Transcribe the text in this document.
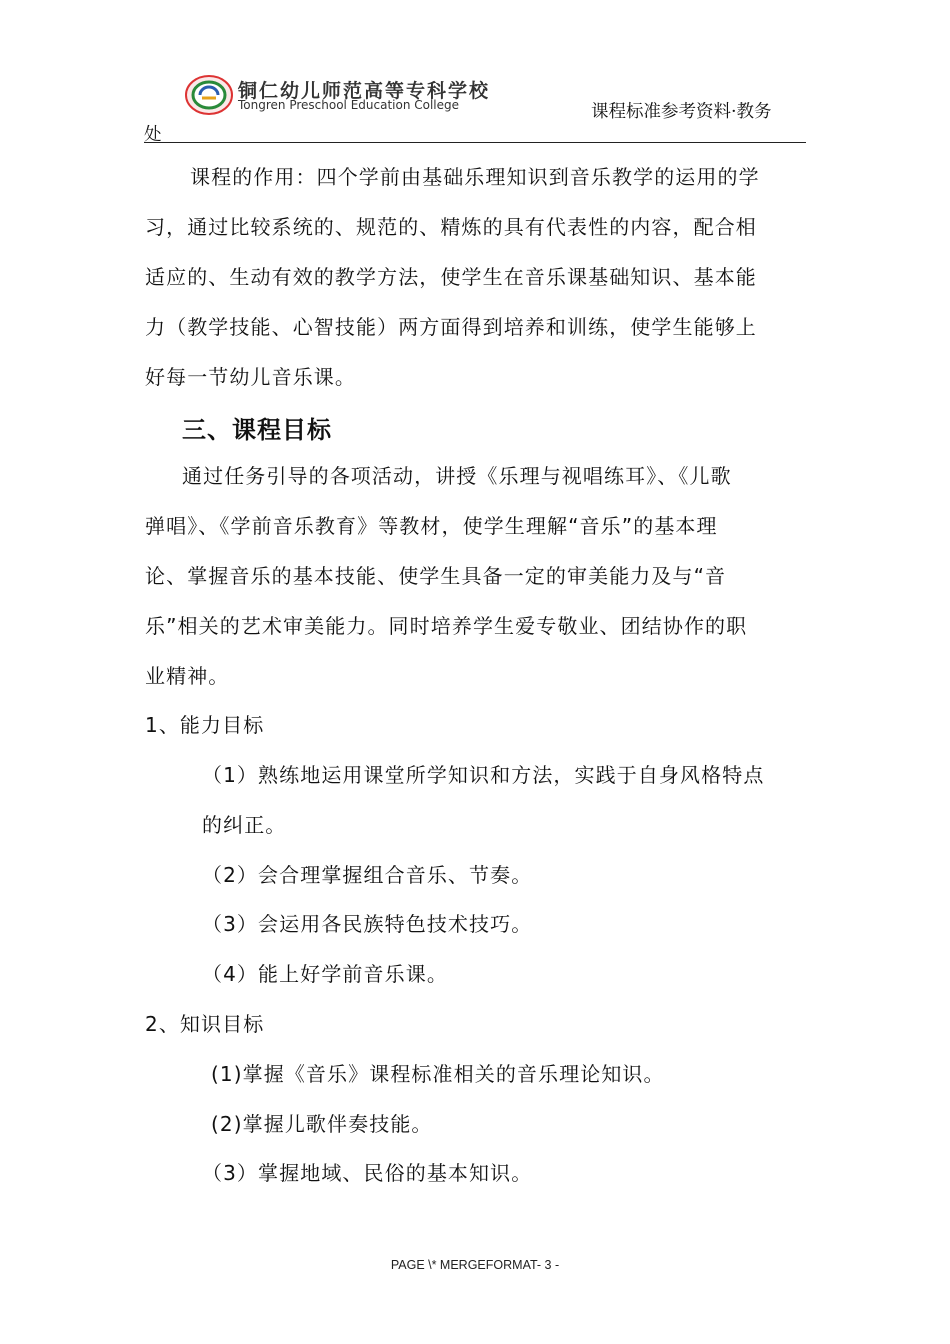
铜仁幼儿师范高等专科学校
Tongren Preschool Education College	课程标准参考资料·教务
处
课程的作用：四个学前由基础乐理知识到音乐教学的运用的学
习，通过比较系统的、规范的、精炼的具有代表性的内容，配合相
适应的、生动有效的教学方法，使学生在音乐课基础知识、基本能
力（教学技能、心智技能）两方面得到培养和训练，使学生能够上
好每一节幼儿音乐课。
三、课程目标
通过任务引导的各项活动，讲授《乐理与视唱练耳》、《儿歌
弹唱》、《学前音乐教育》等教材，使学生理解“音乐”的基本理
论、掌握音乐的基本技能、使学生具备一定的审美能力及与“音
乐”相关的艺术审美能力。同时培养学生爱专敬业、团结协作的职
业精神。
1、能力目标
（1）熟练地运用课堂所学知识和方法，实践于自身风格特点
的纠正。
（2）会合理掌握组合音乐、节奏。
（3）会运用各民族特色技术技巧。
（4）能上好学前音乐课。
2、知识目标
(1)掌握《音乐》课程标准相关的音乐理论知识。
(2)掌握儿歌伴奏技能。
（3）掌握地域、民俗的基本知识。
PAGE \* MERGEFORMAT- 3 -
